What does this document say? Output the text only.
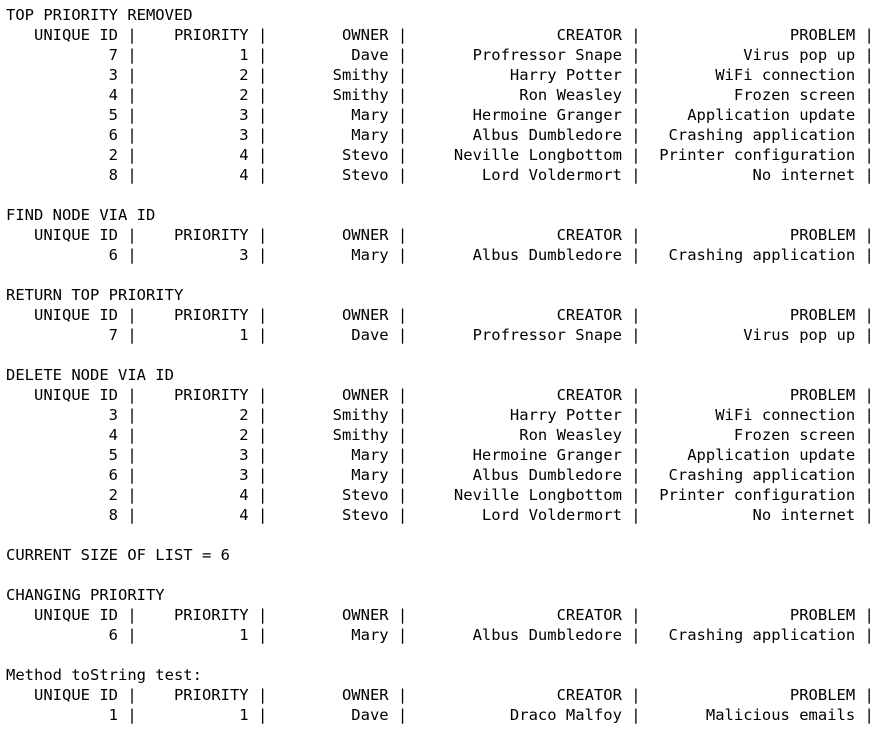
TOP PRIORITY REMOVED
UNIQUE ID |    PRIORITY |        OWNER |                CREATOR |                PROBLEM |
7 |           1 |         Dave |       Profressor Snape |           Virus pop up |
3 |           2 |       Smithy |           Harry Potter |        WiFi connection |
4 |           2 |       Smithy |            Ron Weasley |          Frozen screen |
5 |           3 |         Mary |       Hermoine Granger |     Application update |
6 |           3 |         Mary |       Albus Dumbledore |   Crashing application |
2 |           4 |        Stevo |     Neville Longbottom |  Printer configuration |
8 |           4 |        Stevo |        Lord Voldermort |            No internet |

FIND NODE VIA ID
UNIQUE ID |    PRIORITY |        OWNER |                CREATOR |                PROBLEM |
6 |           3 |         Mary |       Albus Dumbledore |   Crashing application |

RETURN TOP PRIORITY
UNIQUE ID |    PRIORITY |        OWNER |                CREATOR |                PROBLEM |
7 |           1 |         Dave |       Profressor Snape |           Virus pop up |

DELETE NODE VIA ID
UNIQUE ID |    PRIORITY |        OWNER |                CREATOR |                PROBLEM |
3 |           2 |       Smithy |           Harry Potter |        WiFi connection |
4 |           2 |       Smithy |            Ron Weasley |          Frozen screen |
5 |           3 |         Mary |       Hermoine Granger |     Application update |
6 |           3 |         Mary |       Albus Dumbledore |   Crashing application |
2 |           4 |        Stevo |     Neville Longbottom |  Printer configuration |
8 |           4 |        Stevo |        Lord Voldermort |            No internet |

CURRENT SIZE OF LIST = 6

CHANGING PRIORITY
UNIQUE ID |    PRIORITY |        OWNER |                CREATOR |                PROBLEM |
6 |           1 |         Mary |       Albus Dumbledore |   Crashing application |

Method toString test:
UNIQUE ID |    PRIORITY |        OWNER |                CREATOR |                PROBLEM |
1 |           1 |         Dave |           Draco Malfoy |       Malicious emails |
